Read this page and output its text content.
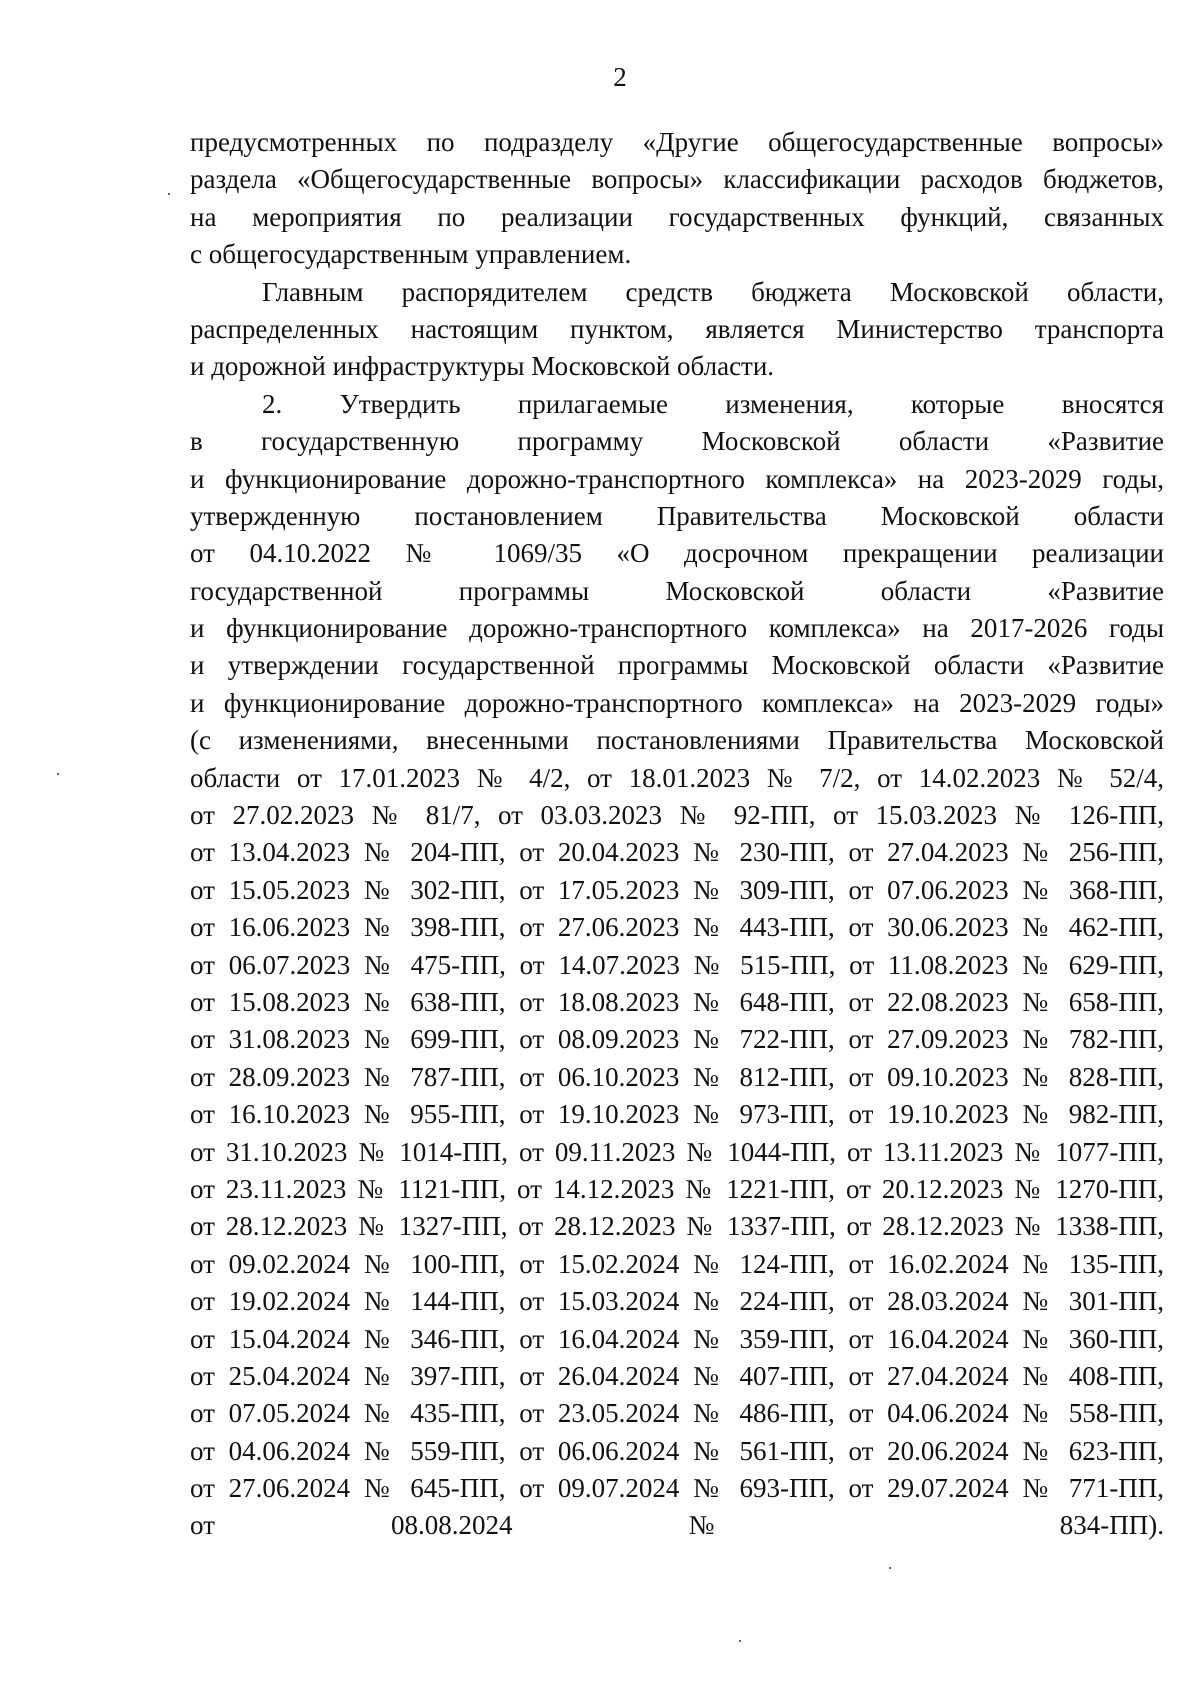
2
предусмотренных по подразделу «Другие общегосударственные вопросы»
раздела «Общегосударственные вопросы» классификации расходов бюджетов,
на мероприятия по реализации государственных функций, связанных
с общегосударственным управлением.
Главным распорядителем средств бюджета Московской области,
распределенных настоящим пунктом, является Министерство транспорта
и дорожной инфраструктуры Московской области.
2. Утвердить прилагаемые изменения, которые вносятся
в государственную программу Московской области «Развитие
и функционирование дорожно-транспортного комплекса» на 2023-2029 годы,
утвержденную постановлением Правительства Московской области
от 04.10.2022 № 1069/35 «О досрочном прекращении реализации
государственной программы Московской области «Развитие
и функционирование дорожно-транспортного комплекса» на 2017-2026 годы
и утверждении государственной программы Московской области «Развитие
и функционирование дорожно-транспортного комплекса» на 2023-2029 годы»
(с изменениями, внесенными постановлениями Правительства Московской
области от 17.01.2023 № 4/2, от 18.01.2023 № 7/2, от 14.02.2023 № 52/4,
от 27.02.2023 № 81/7, от 03.03.2023 № 92-ПП, от 15.03.2023 № 126-ПП,
от 13.04.2023 № 204-ПП, от 20.04.2023 № 230-ПП, от 27.04.2023 № 256-ПП,
от 15.05.2023 № 302-ПП, от 17.05.2023 № 309-ПП, от 07.06.2023 № 368-ПП,
от 16.06.2023 № 398-ПП, от 27.06.2023 № 443-ПП, от 30.06.2023 № 462-ПП,
от 06.07.2023 № 475-ПП, от 14.07.2023 № 515-ПП, от 11.08.2023 № 629-ПП,
от 15.08.2023 № 638-ПП, от 18.08.2023 № 648-ПП, от 22.08.2023 № 658-ПП,
от 31.08.2023 № 699-ПП, от 08.09.2023 № 722-ПП, от 27.09.2023 № 782-ПП,
от 28.09.2023 № 787-ПП, от 06.10.2023 № 812-ПП, от 09.10.2023 № 828-ПП,
от 16.10.2023 № 955-ПП, от 19.10.2023 № 973-ПП, от 19.10.2023 № 982-ПП,
от 31.10.2023 № 1014-ПП, от 09.11.2023 № 1044-ПП, от 13.11.2023 № 1077-ПП,
от 23.11.2023 № 1121-ПП, от 14.12.2023 № 1221-ПП, от 20.12.2023 № 1270-ПП,
от 28.12.2023 № 1327-ПП, от 28.12.2023 № 1337-ПП, от 28.12.2023 № 1338-ПП,
от 09.02.2024 № 100-ПП, от 15.02.2024 № 124-ПП, от 16.02.2024 № 135-ПП,
от 19.02.2024 № 144-ПП, от 15.03.2024 № 224-ПП, от 28.03.2024 № 301-ПП,
от 15.04.2024 № 346-ПП, от 16.04.2024 № 359-ПП, от 16.04.2024 № 360-ПП,
от 25.04.2024 № 397-ПП, от 26.04.2024 № 407-ПП, от 27.04.2024 № 408-ПП,
от 07.05.2024 № 435-ПП, от 23.05.2024 № 486-ПП, от 04.06.2024 № 558-ПП,
от 04.06.2024 № 559-ПП, от 06.06.2024 № 561-ПП, от 20.06.2024 № 623-ПП,
от 27.06.2024 № 645-ПП, от 09.07.2024 № 693-ПП, от 29.07.2024 № 771-ПП,
от 08.08.2024 № 834-ПП).
